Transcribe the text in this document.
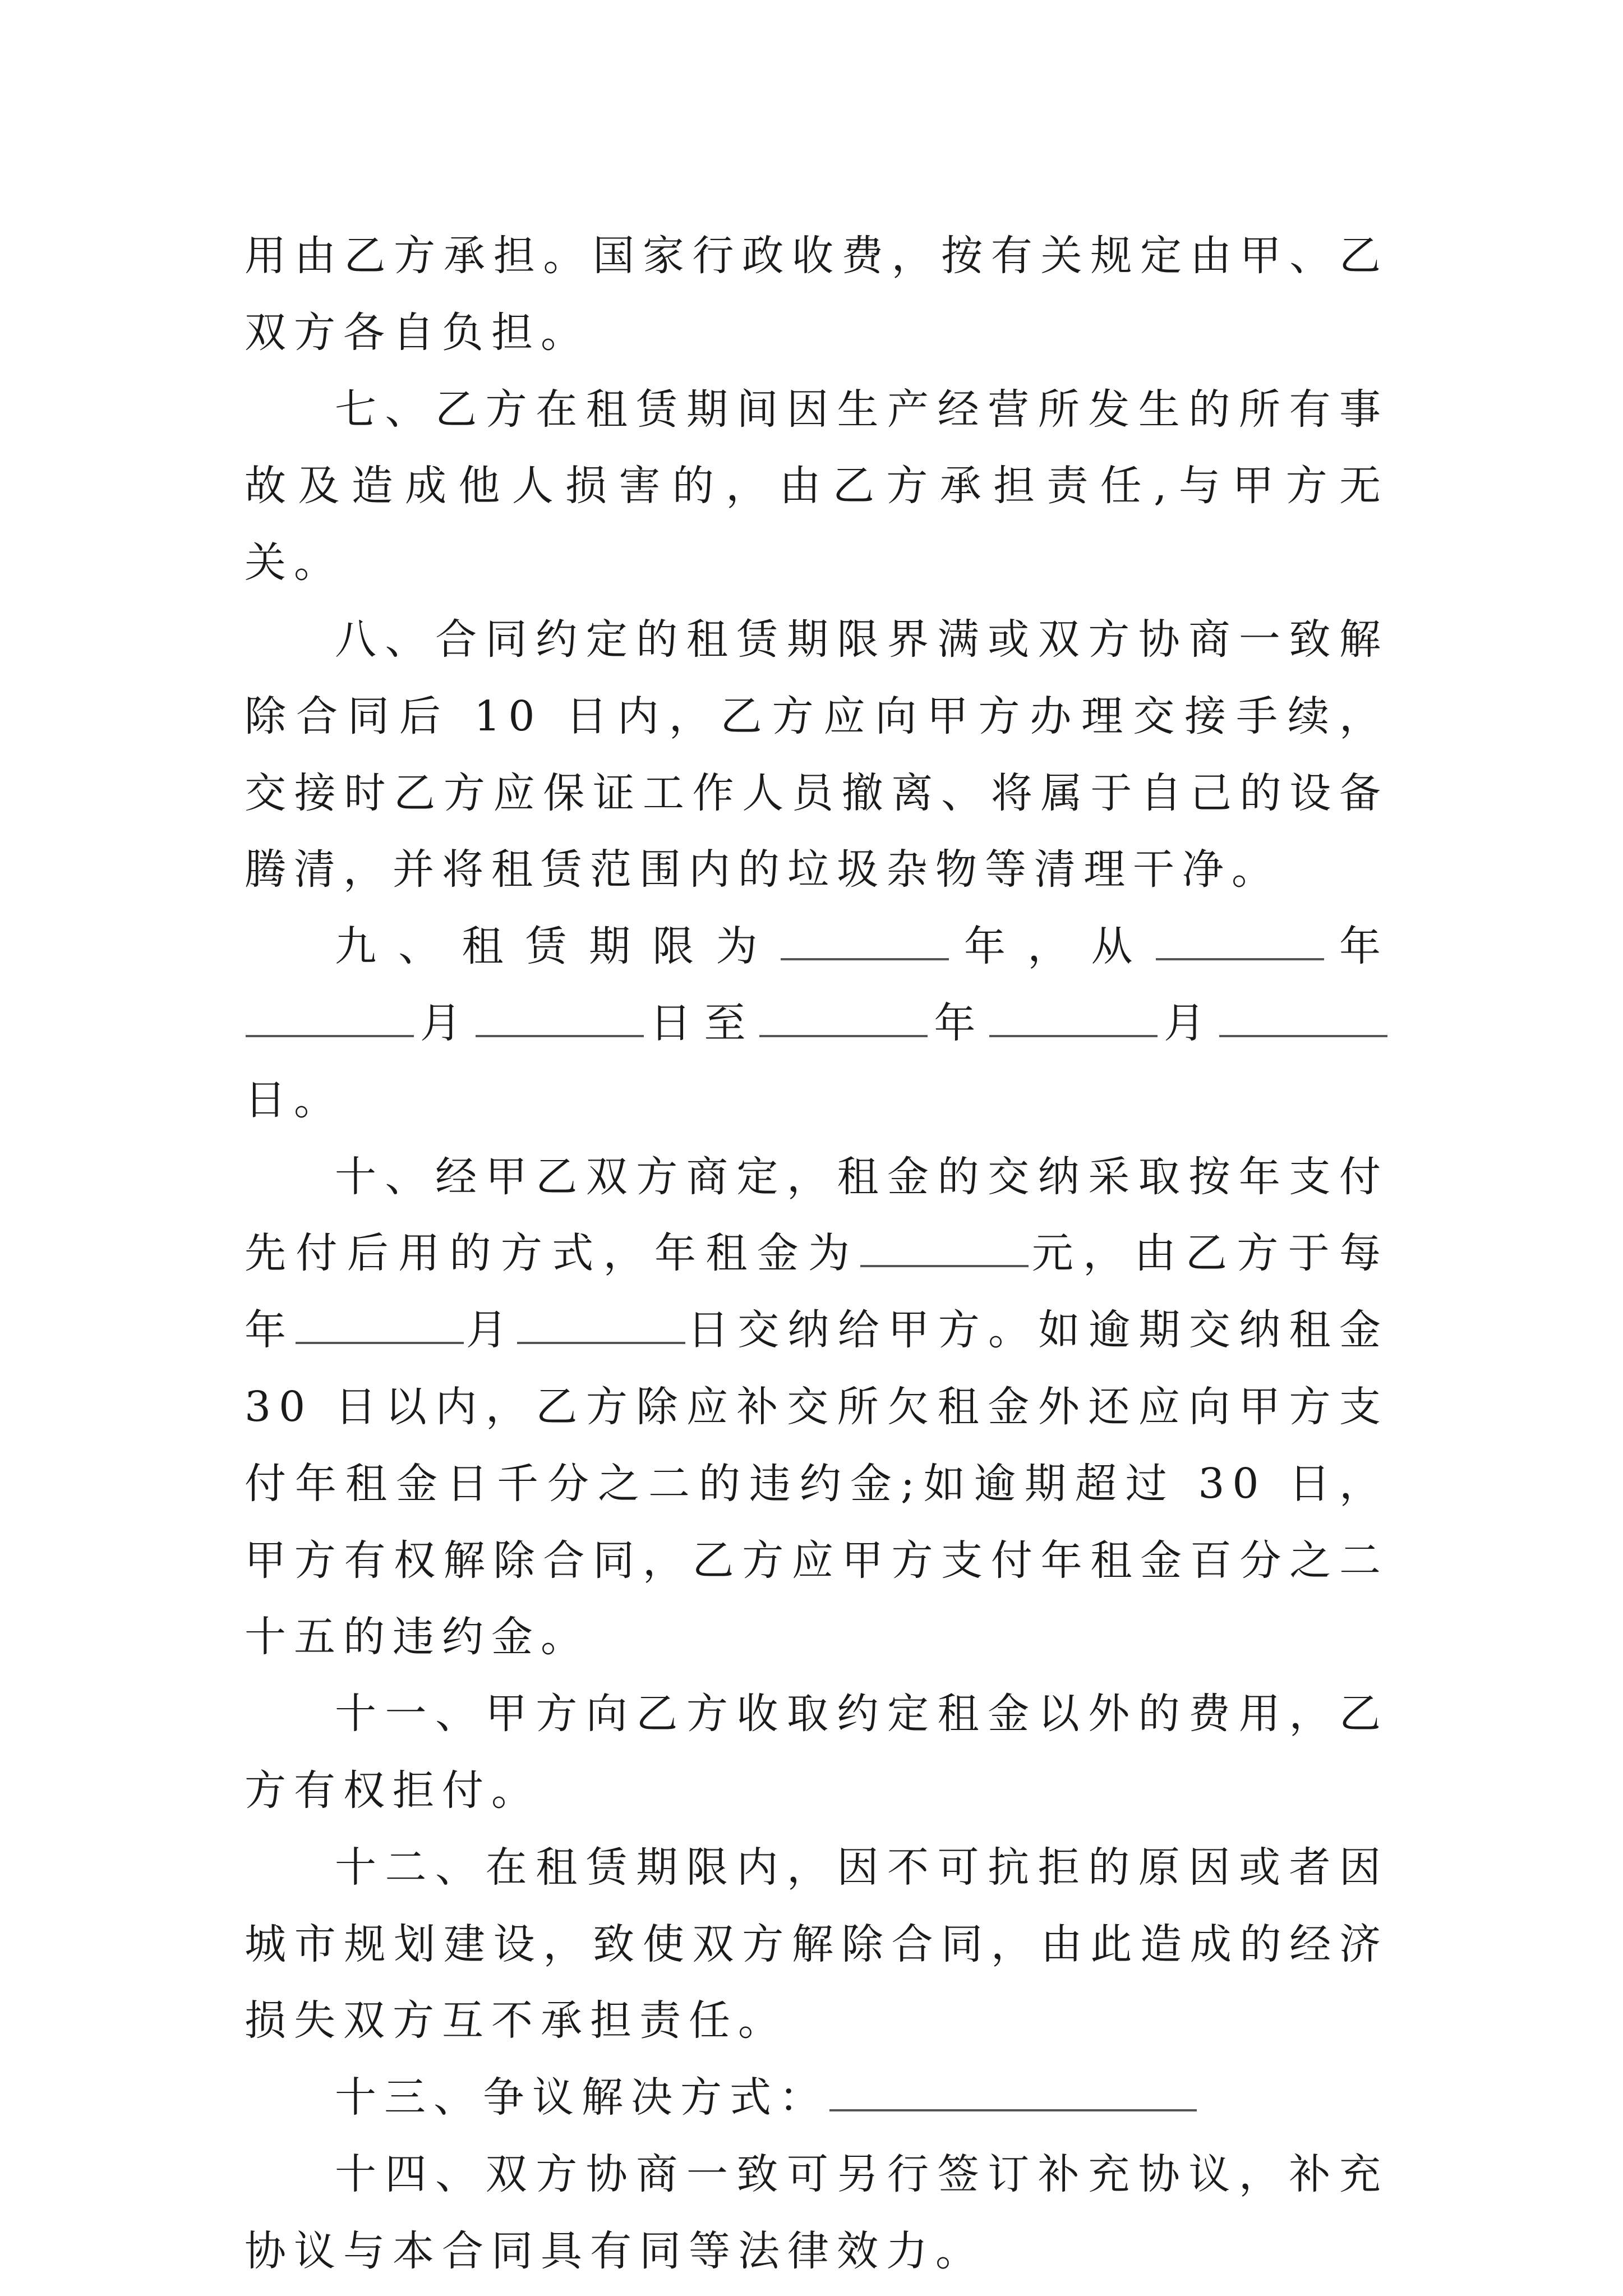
用由乙方承担。国家行政收费，按有关规定由甲、乙双方各自负担。

七、乙方在租赁期间因生产经营所发生的所有事故及造成他人损害的，由乙方承担责任,与甲方无关。

八、合同约定的租赁期限界满或双方协商一致解除合同后 10 日内，乙方应向甲方办理交接手续，交接时乙方应保证工作人员撤离、将属于自己的设备腾清，并将租赁范围内的垃圾杂物等清理干净。

九、租赁期限为	年，从	年月	日至	年	月日。

十、经甲乙双方商定，租金的交纳采取按年支付先付后用的方式，年租金为	元，由乙方于每年	月	日交纳给甲方。如逾期交纳租金 30 日以内，乙方除应补交所欠租金外还应向甲方支付年租金日千分之二的违约金;如逾期超过 30 日，甲方有权解除合同，乙方应甲方支付年租金百分之二十五的违约金。

十一、甲方向乙方收取约定租金以外的费用，乙方有权拒付。

十二、在租赁期限内，因不可抗拒的原因或者因城市规划建设，致使双方解除合同，由此造成的经济损失双方互不承担责任。

十三、争议解决方式：

十四、双方协商一致可另行签订补充协议，补充协议与本合同具有同等法律效力。
